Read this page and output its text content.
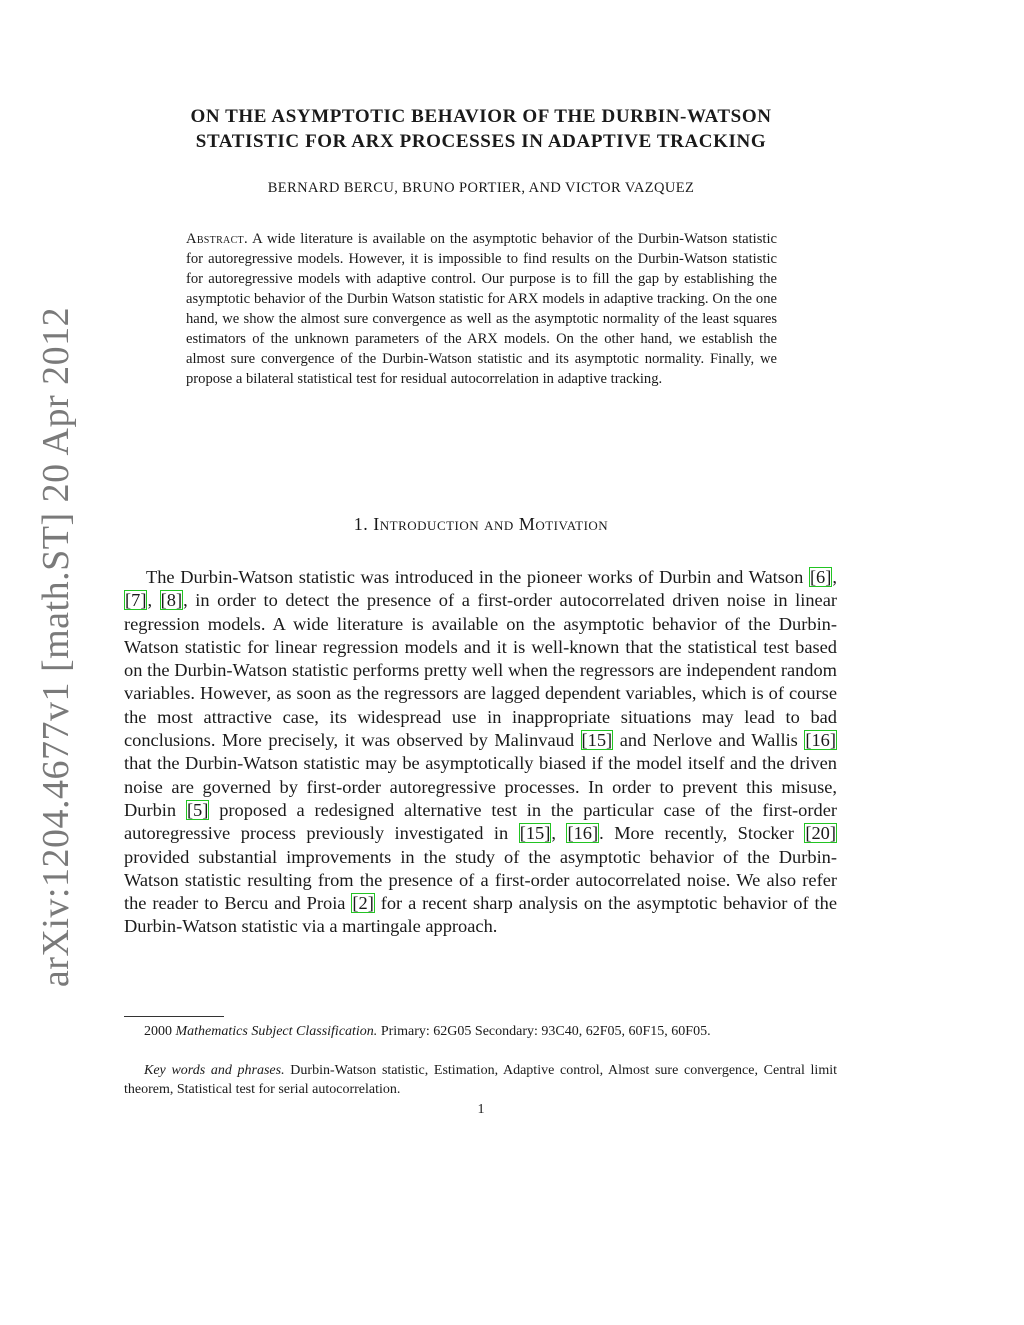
arXiv:1204.4677v1 [math.ST] 20 Apr 2012
ON THE ASYMPTOTIC BEHAVIOR OF THE DURBIN-WATSON
STATISTIC FOR ARX PROCESSES IN ADAPTIVE TRACKING
BERNARD BERCU, BRUNO PORTIER, AND VICTOR VAZQUEZ
Abstract. A wide literature is available on the asymptotic behavior of the Durbin-Watson statistic for autoregressive models. However, it is impossible to find results on the Durbin-Watson statistic for autoregressive models with adaptive control. Our purpose is to fill the gap by establishing the asymptotic behavior of the Durbin Watson statistic for ARX models in adaptive tracking. On the one hand, we show the almost sure convergence as well as the asymptotic normality of the least squares estimators of the unknown parameters of the ARX models. On the other hand, we establish the almost sure convergence of the Durbin-Watson statistic and its asymptotic normality. Finally, we propose a bilateral statistical test for residual autocorrelation in adaptive tracking.
1. Introduction and Motivation

The Durbin-Watson statistic was introduced in the pioneer works of Durbin and Watson [6], [7], [8], in order to detect the presence of a first-order autocorrelated driven noise in linear regression models. A wide literature is available on the asymptotic behavior of the Durbin-Watson statistic for linear regression models and it is well-known that the statistical test based on the Durbin-Watson statistic performs pretty well when the regressors are independent random variables. However, as soon as the regressors are lagged dependent variables, which is of course the most attractive case, its widespread use in inappropriate situations may lead to bad conclusions. More precisely, it was observed by Malinvaud [15] and Nerlove and Wallis [16] that the Durbin-Watson statistic may be asymptotically biased if the model itself and the driven noise are governed by first-order autoregressive processes. In order to prevent this misuse, Durbin [5] proposed a redesigned alternative test in the particular case of the first-order autoregressive process previously investigated in [15], [16]. More recently, Stocker [20] provided substantial improvements in the study of the asymptotic behavior of the Durbin-Watson statistic resulting from the presence of a first-order autocorrelated noise. We also refer the reader to Bercu and Proia [2] for a recent sharp analysis on the asymptotic behavior of the Durbin-Watson statistic via a martingale approach.

2000 Mathematics Subject Classification. Primary: 62G05 Secondary: 93C40, 62F05, 60F15, 60F05.

Key words and phrases. Durbin-Watson statistic, Estimation, Adaptive control, Almost sure convergence, Central limit theorem, Statistical test for serial autocorrelation.

1
